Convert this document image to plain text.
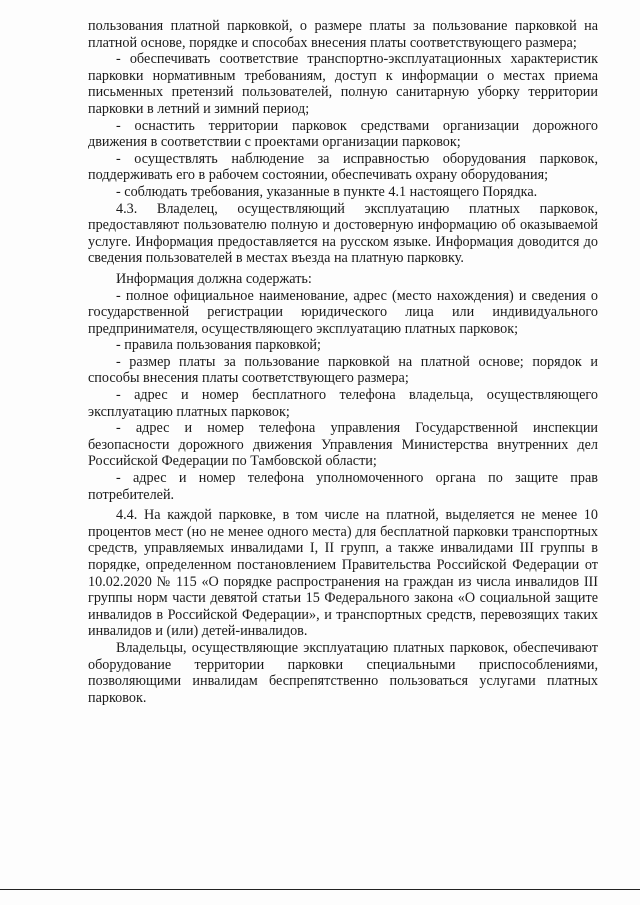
пользования платной парковкой, о размере платы за пользование парковкой на платной основе, порядке и способах внесения платы соответствующего размера;

- обеспечивать соответствие транспортно-эксплуатационных характеристик парковки нормативным требованиям, доступ к информации о местах приема письменных претензий пользователей, полную санитарную уборку территории парковки в летний и зимний период;

- оснастить территории парковок средствами организации дорожного движения в соответствии с проектами организации парковок;

- осуществлять наблюдение за исправностью оборудования парковок, поддерживать его в рабочем состоянии, обеспечивать охрану оборудования;

- соблюдать требования, указанные в пункте 4.1 настоящего Порядка.

4.3. Владелец, осуществляющий эксплуатацию платных парковок, предоставляют пользователю полную и достоверную информацию об оказываемой услуге. Информация предоставляется на русском языке. Информация доводится до сведения пользователей в местах въезда на платную парковку.

Информация должна содержать:

- полное официальное наименование, адрес (место нахождения) и сведения о государственной регистрации юридического лица или индивидуального предпринимателя, осуществляющего эксплуатацию платных парковок;

- правила пользования парковкой;

- размер платы за пользование парковкой на платной основе; порядок и способы внесения платы соответствующего размера;

- адрес и номер бесплатного телефона владельца, осуществляющего эксплуатацию платных парковок;

- адрес и номер телефона управления Государственной инспекции безопасности дорожного движения Управления Министерства внутренних дел Российской Федерации по Тамбовской области;

- адрес и номер телефона уполномоченного органа по защите прав потребителей.

4.4. На каждой парковке, в том числе на платной, выделяется не менее 10 процентов мест (но не менее одного места) для бесплатной парковки транспортных средств, управляемых инвалидами I, II групп, а также инвалидами III группы в порядке, определенном постановлением Правительства Российской Федерации от 10.02.2020 № 115 «О порядке распространения на граждан из числа инвалидов III группы норм части девятой статьи 15 Федерального закона «О социальной защите инвалидов в Российской Федерации», и транспортных средств, перевозящих таких инвалидов и (или) детей-инвалидов.

Владельцы, осуществляющие эксплуатацию платных парковок, обеспечивают оборудование территории парковки специальными приспособлениями, позволяющими инвалидам беспрепятственно пользоваться услугами платных парковок.
